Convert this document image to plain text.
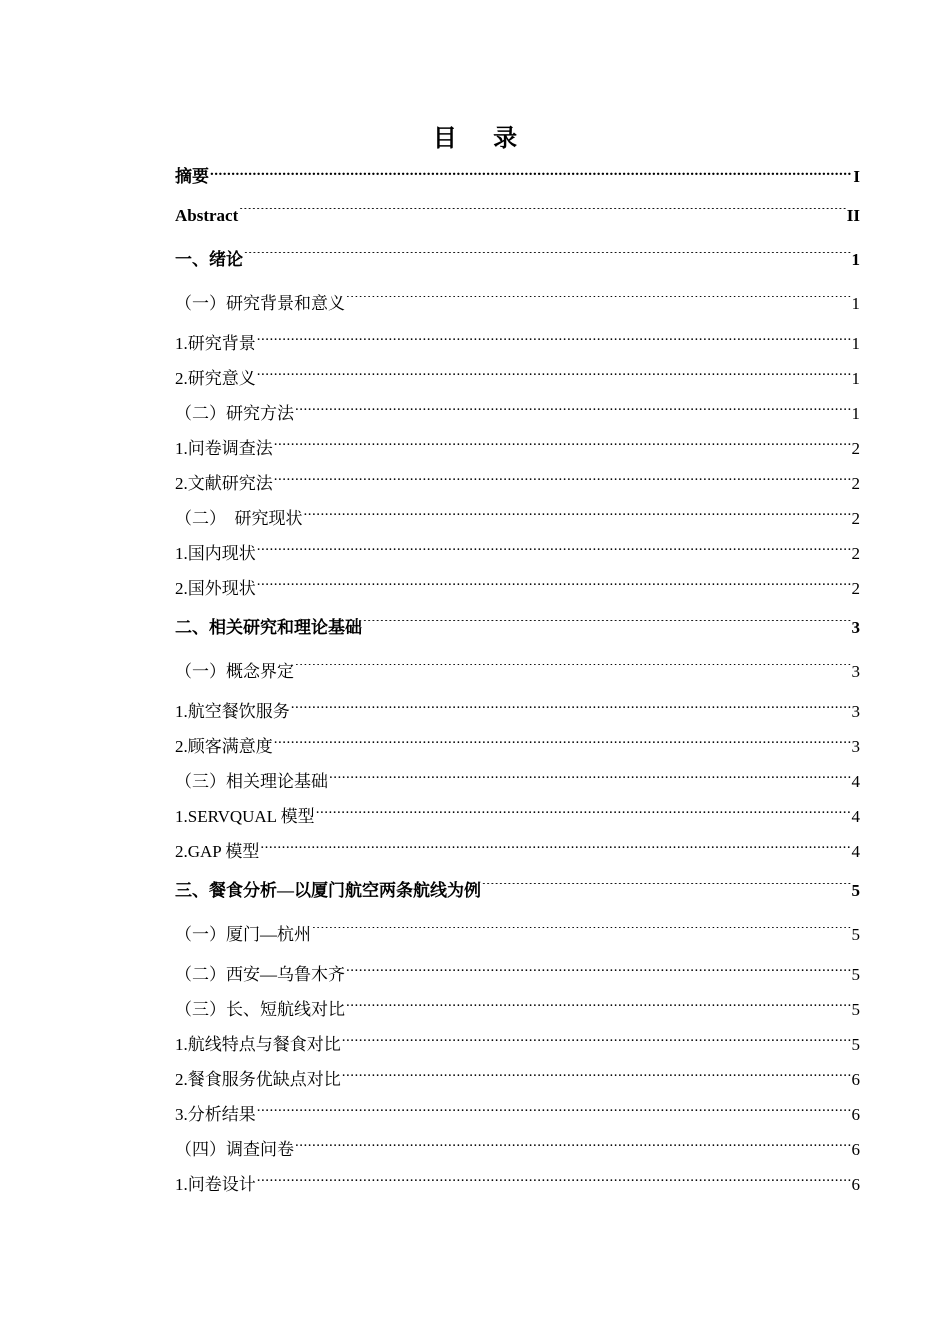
目 录
摘要 .....	I
Abstract .....	II
一、绪论 .....	1
（一）研究背景和意义 .....	1
1.研究背景 .....	1
2.研究意义 .....	1
（二）研究方法 .....	1
1.问卷调查法 .....	2
2.文献研究法 .....	2
（二）  研究现状 .....	2
1.国内现状 .....	2
2.国外现状 .....	2
二、相关研究和理论基础 .....	3
（一）概念界定 .....	3
1.航空餐饮服务 .....	3
2.顾客满意度 .....	3
（三）相关理论基础 .....	4
1.SERVQUAL 模型 .....	4
2.GAP 模型 .....	4
三、餐食分析—以厦门航空两条航线为例 .....	5
（一）厦门—杭州 .....	5
（二）西安—乌鲁木齐 .....	5
（三）长、短航线对比 .....	5
1.航线特点与餐食对比 .....	5
2.餐食服务优缺点对比 .....	6
3.分析结果 .....	6
（四）调查问卷 .....	6
1.问卷设计 .....	6
